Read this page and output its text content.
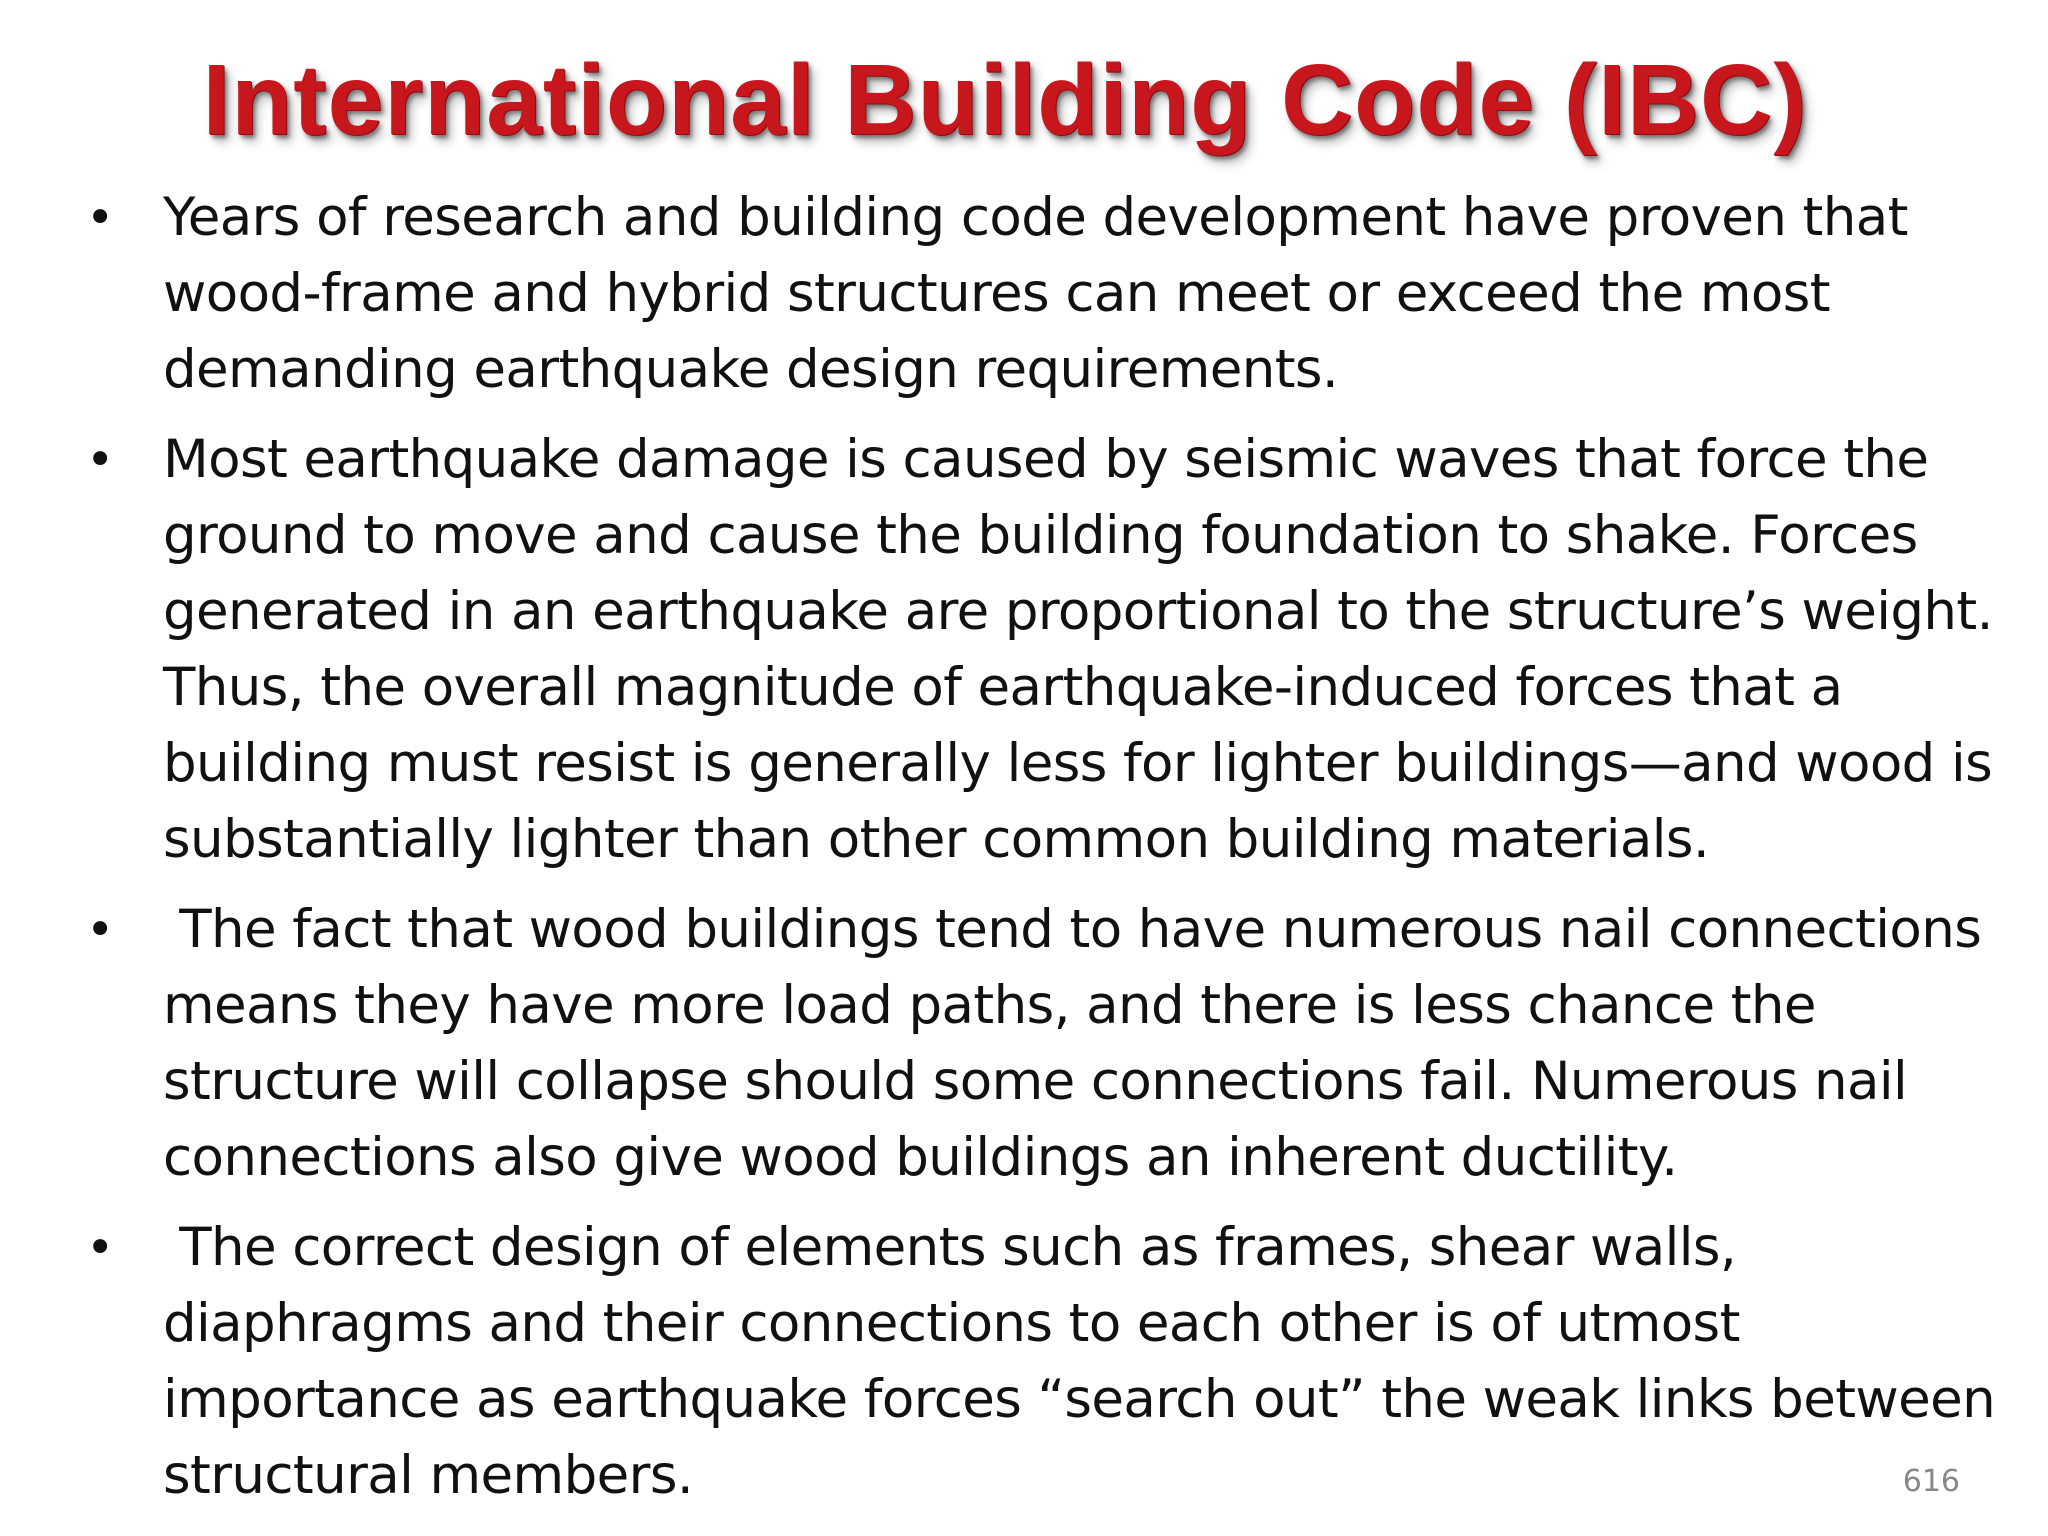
International Building Code (IBC)
• Years of research and building code development have proven that wood-frame and hybrid structures can meet or exceed the most demanding earthquake design requirements.
• Most earthquake damage is caused by seismic waves that force the ground to move and cause the building foundation to shake. Forces generated in an earthquake are proportional to the structure’s weight. Thus, the overall magnitude of earthquake-induced forces that a building must resist is generally less for lighter buildings—and wood is substantially lighter than other common building materials.
• The fact that wood buildings tend to have numerous nail connections means they have more load paths, and there is less chance the structure will collapse should some connections fail. Numerous nail connections also give wood buildings an inherent ductility.
• The correct design of elements such as frames, shear walls, diaphragms and their connections to each other is of utmost importance as earthquake forces “search out” the weak links between structural members.	616
